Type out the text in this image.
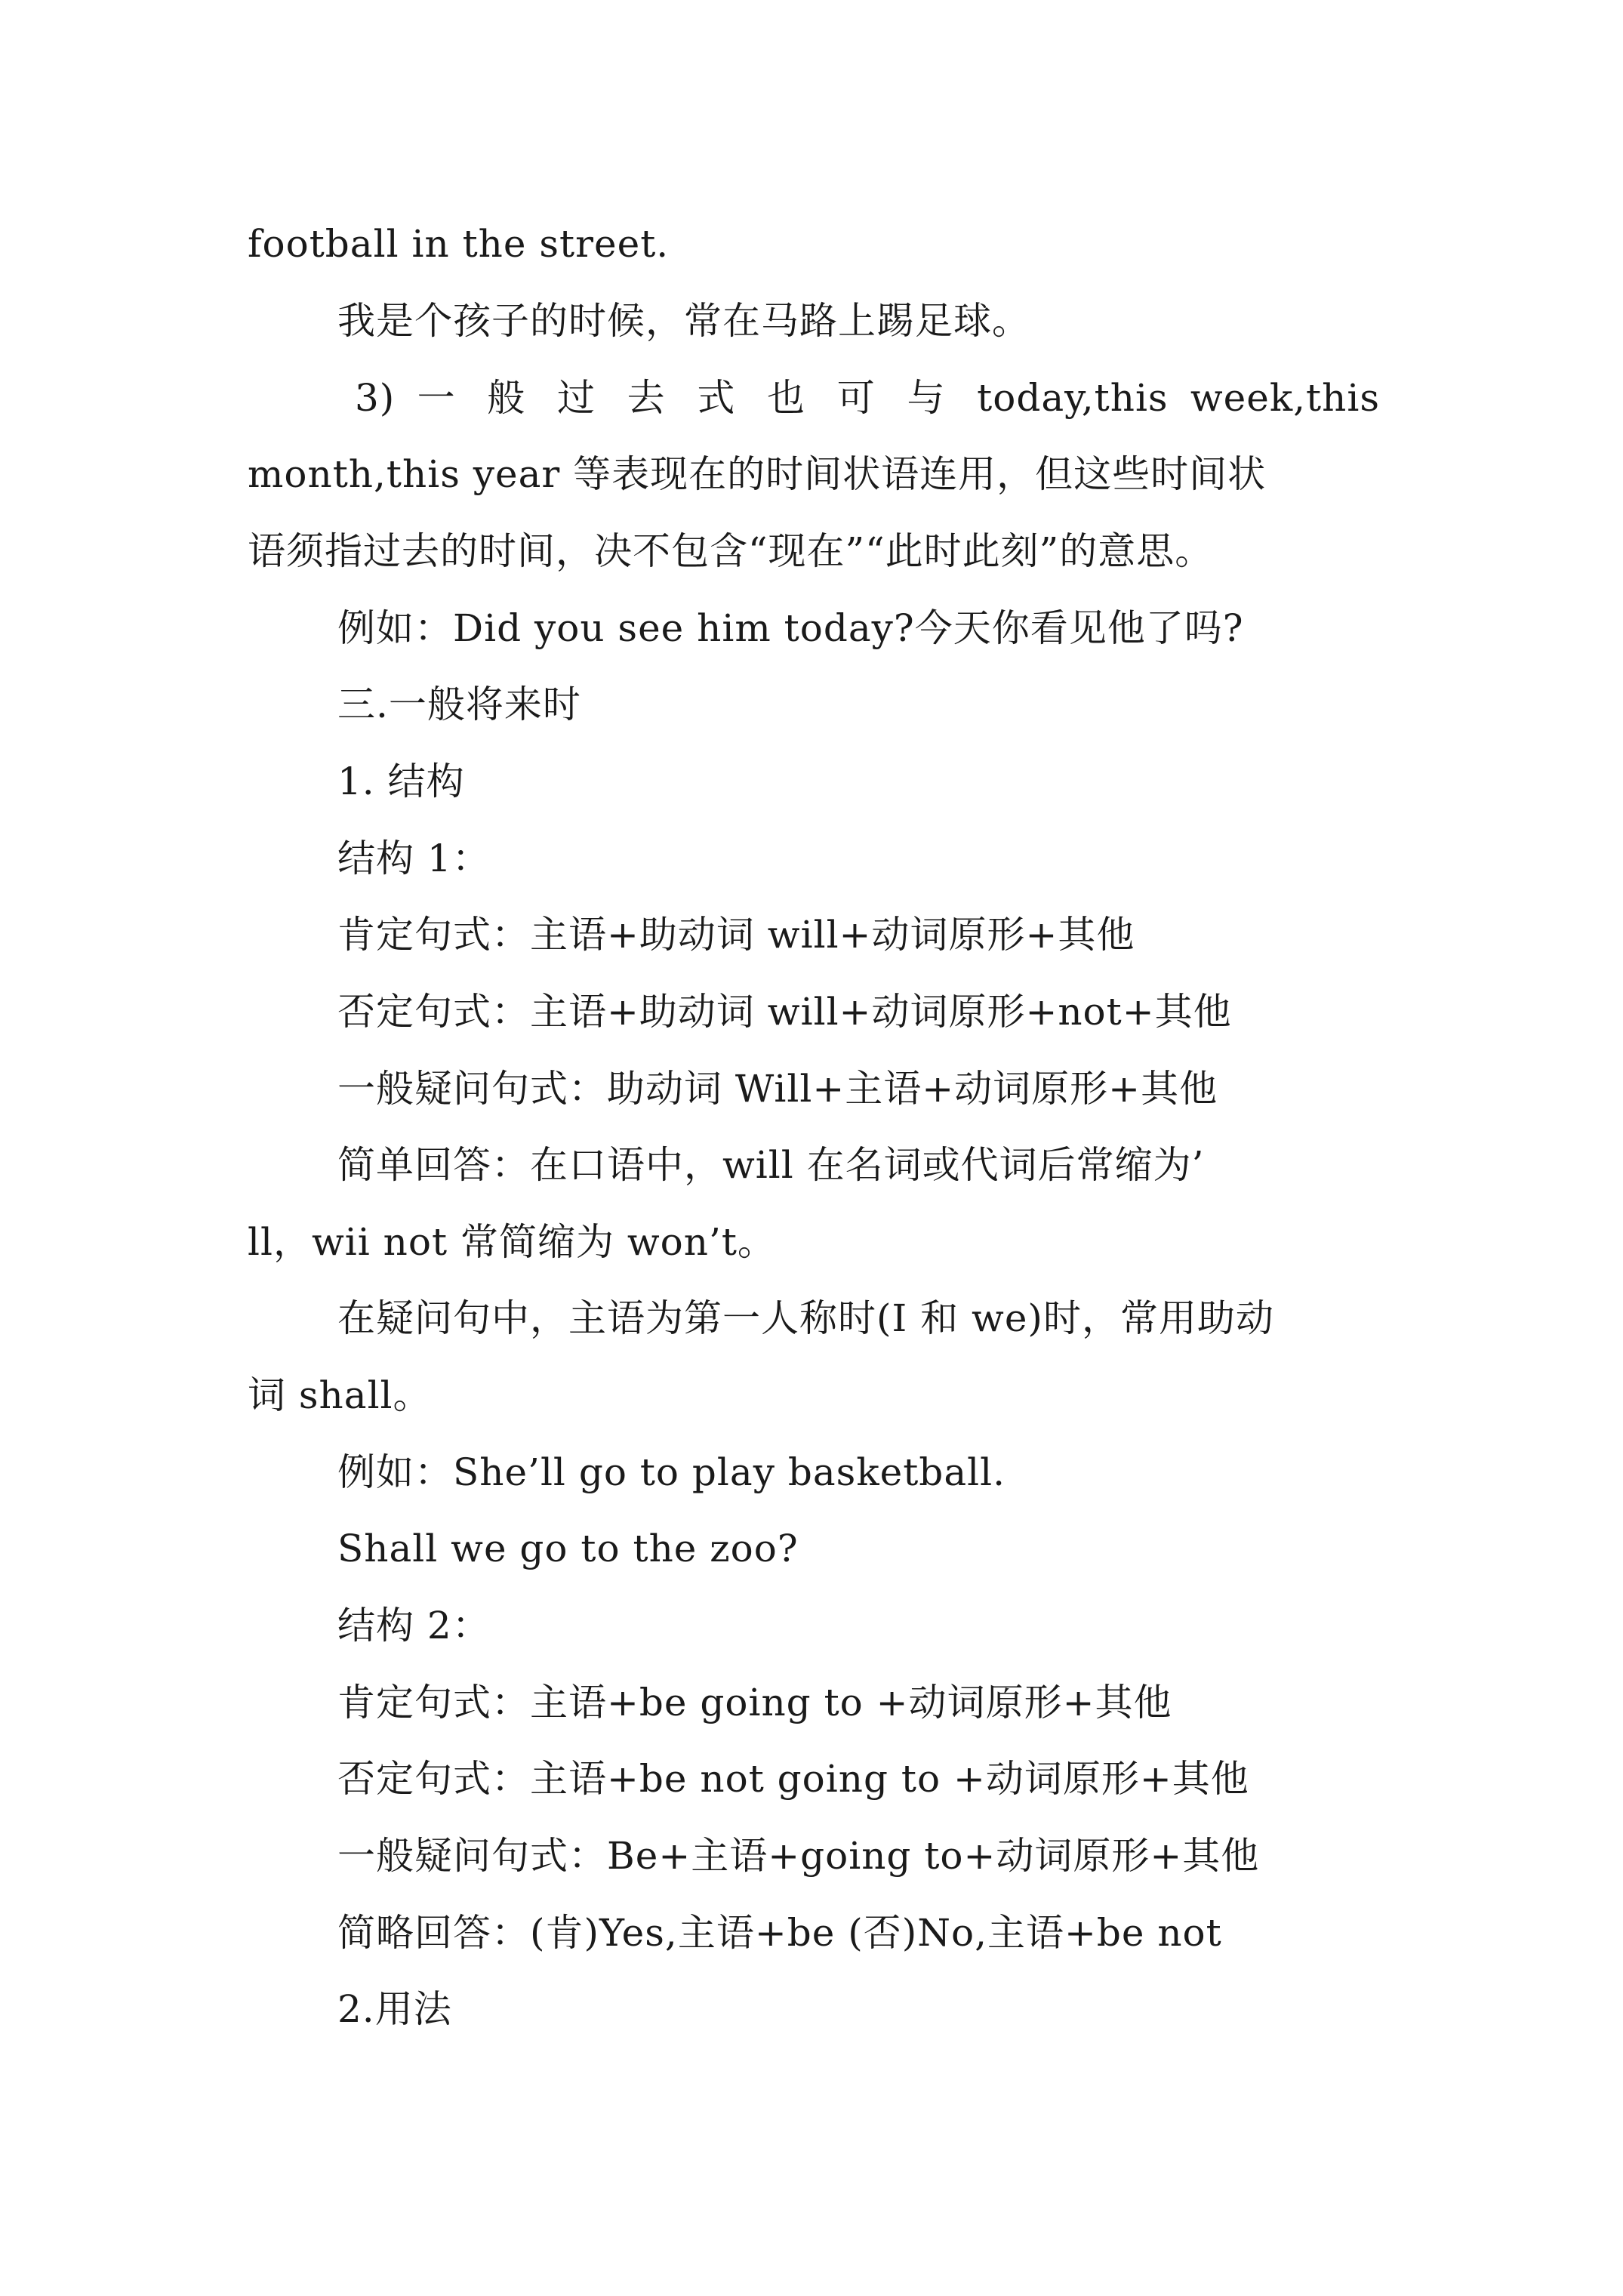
football in the street.
我是个孩子的时候，常在马路上踢足球。
3) 一 般 过 去 式 也 可 与 today,this week,this
month,this year 等表现在的时间状语连用，但这些时间状
语须指过去的时间，决不包含“现在”“此时此刻”的意思。
例如：Did you see him today?今天你看见他了吗?
三.一般将来时
1. 结构
结构 1：
肯定句式：主语+助动词 will+动词原形+其他
否定句式：主语+助动词 will+动词原形+not+其他
一般疑问句式：助动词 Will+主语+动词原形+其他
简单回答：在口语中，will 在名词或代词后常缩为’
ll，wii not 常简缩为 won’t。
在疑问句中，主语为第一人称时(I 和 we)时，常用助动
词 shall。
例如：She’ll go to play basketball.
Shall we go to the zoo?
结构 2：
肯定句式：主语+be going to +动词原形+其他
否定句式：主语+be not going to +动词原形+其他
一般疑问句式：Be+主语+going to+动词原形+其他
简略回答：(肯)Yes,主语+be (否)No,主语+be not
2.用法
